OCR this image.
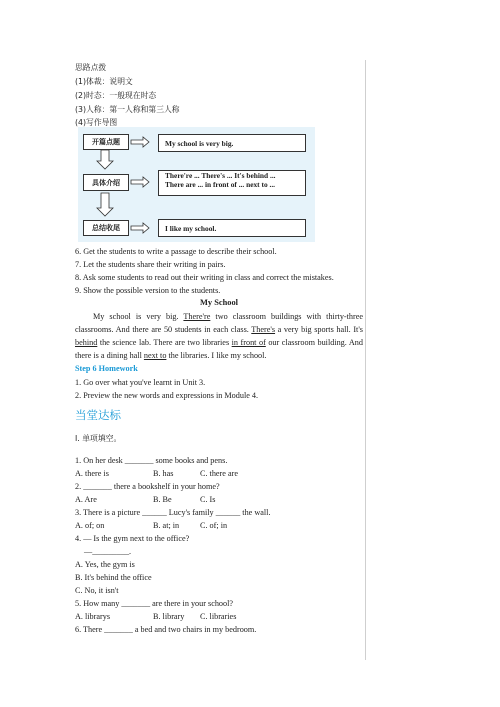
思路点拨
(1)体裁：说明文
(2)时态：一般现在时态
(3)人称：第一人称和第三人称
(4)写作导图
开篇点题
具体介绍
总结收尾
My school is very big.
There're ... There's ... It's behind ...
There are ... in front of ... next to ...
I like my school.
6. Get the students to write a passage to describe their school.
7. Let the students share their writing in pairs.
8. Ask some students to read out their writing in class and correct the mistakes.
9. Show the possible version to the students.
My School
My school is very big. There're two classroom buildings with thirty-three classrooms. And there are 50 students in each class. There's a very big sports hall. It's behind the science lab. There are two libraries in front of our classroom building. And there is a dining hall next to the libraries. I like my school.
Step 6 Homework
1. Go over what you've learnt in Unit 3.
2. Preview the new words and expressions in Module 4.
当堂达标
Ⅰ. 单项填空。
1. On her desk _______ some books and pens.
A. there is	B. has	C. there are
2. _______ there a bookshelf in your home?
A. Are	B. Be	C. Is
3. There is a picture ______ Lucy's family ______ the wall.
A. of; on	B. at; in	C. of; in
4. — Is the gym next to the office?
—_________.
A. Yes, the gym is
B. It's behind the office
C. No, it isn't
5. How many _______ are there in your school?
A. librarys	B. library C. libraries
6. There _______ a bed and two chairs in my bedroom.
